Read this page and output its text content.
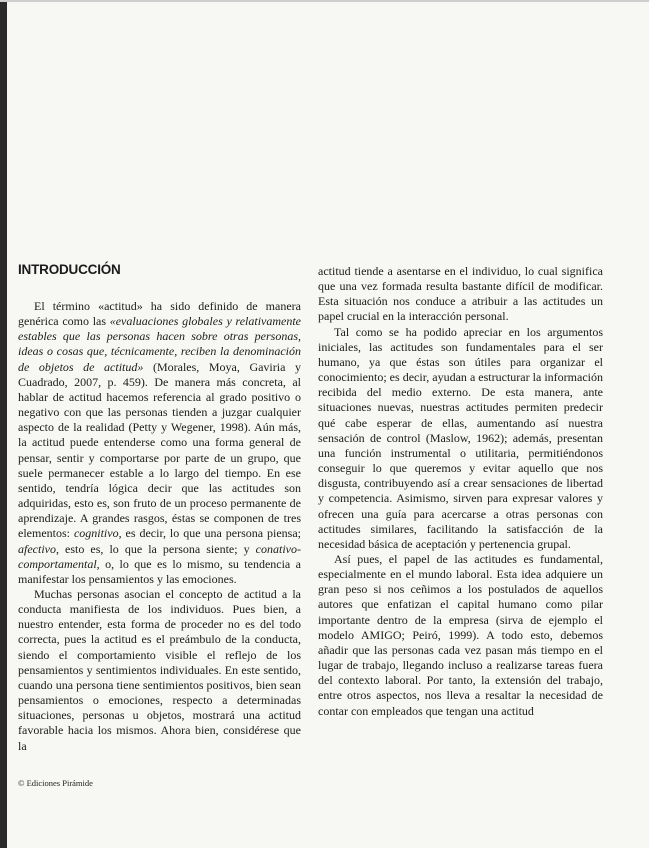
INTRODUCCIÓN

El término «actitud» ha sido definido de manera genérica como las «evaluaciones globales y relativamente estables que las personas hacen sobre otras personas, ideas o cosas que, técnicamente, reciben la denominación de objetos de actitud» (Morales, Moya, Gaviria y Cuadrado, 2007, p. 459). De manera más concreta, al hablar de actitud hacemos referencia al grado positivo o negativo con que las personas tienden a juzgar cualquier aspecto de la realidad (Petty y Wegener, 1998). Aún más, la actitud puede entenderse como una forma general de pensar, sentir y comportarse por parte de un grupo, que suele permanecer estable a lo largo del tiempo. En ese sentido, tendría lógica decir que las actitudes son adquiridas, esto es, son fruto de un proceso permanente de aprendizaje. A grandes rasgos, éstas se componen de tres elementos: cognitivo, es decir, lo que una persona piensa; afectivo, esto es, lo que la persona siente; y conativo-comportamental, o, lo que es lo mismo, su tendencia a manifestar los pensamientos y las emociones.

Muchas personas asocian el concepto de actitud a la conducta manifiesta de los individuos. Pues bien, a nuestro entender, esta forma de proceder no es del todo correcta, pues la actitud es el preámbulo de la conducta, siendo el comportamiento visible el reflejo de los pensamientos y sentimientos individuales. En este sentido, cuando una persona tiene sentimientos positivos, bien sean pensamientos o emociones, respecto a determinadas situaciones, personas u objetos, mostrará una actitud favorable hacia los mismos. Ahora bien, considérese que la

actitud tiende a asentarse en el individuo, lo cual significa que una vez formada resulta bastante difícil de modificar. Esta situación nos conduce a atribuir a las actitudes un papel crucial en la interacción personal.

Tal como se ha podido apreciar en los argumentos iniciales, las actitudes son fundamentales para el ser humano, ya que éstas son útiles para organizar el conocimiento; es decir, ayudan a estructurar la información recibida del medio externo. De esta manera, ante situaciones nuevas, nuestras actitudes permiten predecir qué cabe esperar de ellas, aumentando así nuestra sensación de control (Maslow, 1962); además, presentan una función instrumental o utilitaria, permitiéndonos conseguir lo que queremos y evitar aquello que nos disgusta, contribuyendo así a crear sensaciones de libertad y competencia. Asimismo, sirven para expresar valores y ofrecen una guía para acercarse a otras personas con actitudes similares, facilitando la satisfacción de la necesidad básica de aceptación y pertenencia grupal.

Así pues, el papel de las actitudes es fundamental, especialmente en el mundo laboral. Esta idea adquiere un gran peso si nos ceñimos a los postulados de aquellos autores que enfatizan el capital humano como pilar importante dentro de la empresa (sirva de ejemplo el modelo AMIGO; Peiró, 1999). A todo esto, debemos añadir que las personas cada vez pasan más tiempo en el lugar de trabajo, llegando incluso a realizarse tareas fuera del contexto laboral. Por tanto, la extensión del trabajo, entre otros aspectos, nos lleva a resaltar la necesidad de contar con empleados que tengan una actitud

© Ediciones Pirámide
